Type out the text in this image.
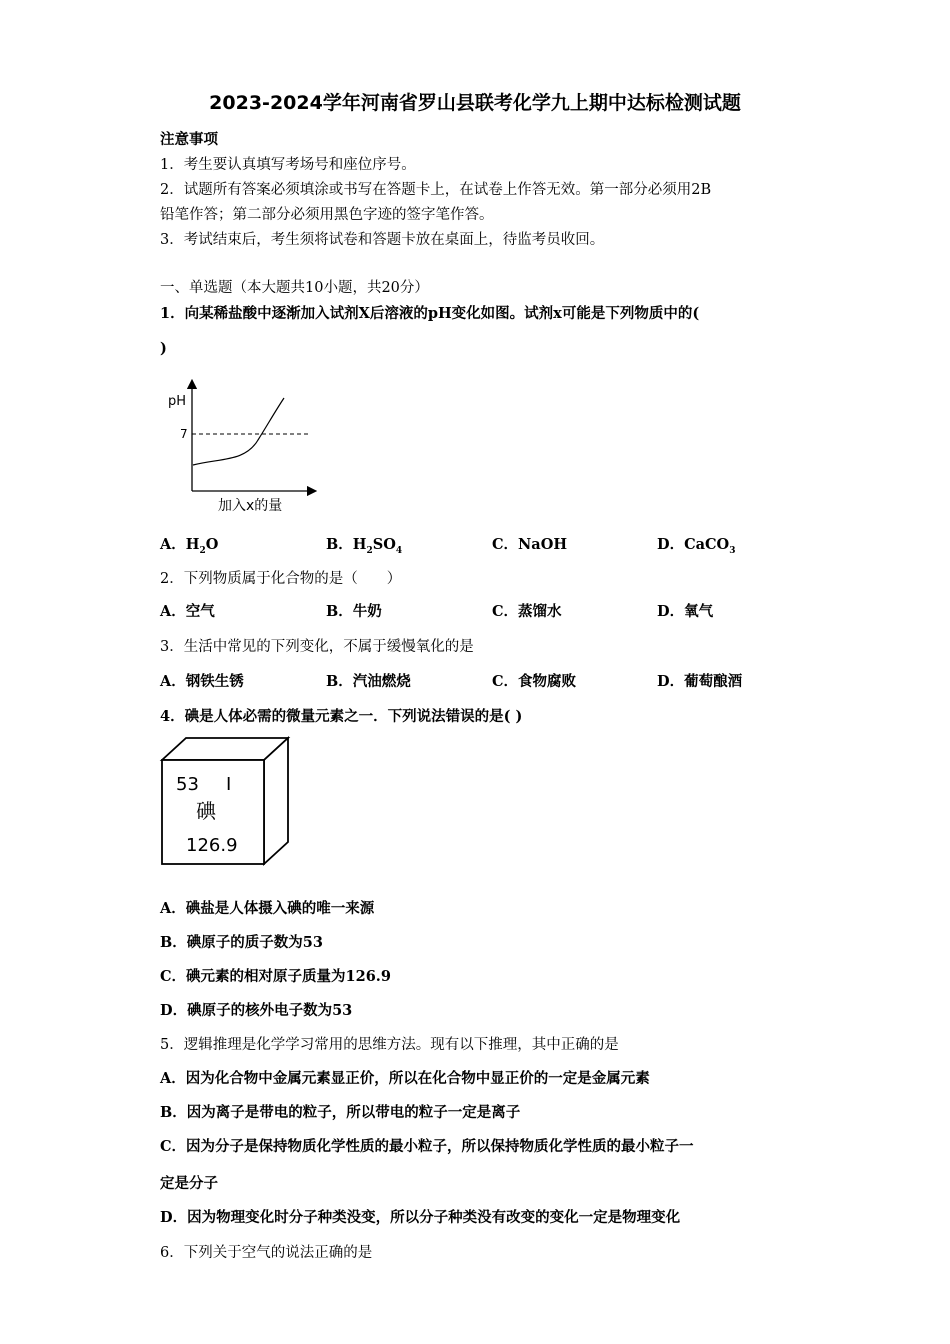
2023-2024学年河南省罗山县联考化学九上期中达标检测试题
注意事项
1．考生要认真填写考场号和座位序号。
2．试题所有答案必须填涂或书写在答题卡上，在试卷上作答无效。第一部分必须用2B
铅笔作答；第二部分必须用黑色字迹的签字笔作答。
3．考试结束后，考生须将试卷和答题卡放在桌面上，待监考员收回。
一、单选题（本大题共10小题，共20分）
1．向某稀盐酸中逐渐加入试剂X后溶液的pH变化如图。试剂x可能是下列物质中的(
)
pH
7
加入x的量
A．$H_2O$	B．$H_2SO_4$	C．NaOH	D．CaCO$_3$
2．下列物质属于化合物的是（　　）
A．空气	B．牛奶	C．蒸馏水	D．氧气
3．生活中常见的下列变化，不属于缓慢氧化的是
A．钢铁生锈	B．汽油燃烧	C．食物腐败	D．葡萄酿酒
4．碘是人体必需的微量元素之一．下列说法错误的是( )
53 I
碘
126.9
A．碘盐是人体摄入碘的唯一来源
B．碘原子的质子数为53
C．碘元素的相对原子质量为126.9
D．碘原子的核外电子数为53
5．逻辑推理是化学学习常用的思维方法。现有以下推理，其中正确的是
A．因为化合物中金属元素显正价，所以在化合物中显正价的一定是金属元素
B．因为离子是带电的粒子，所以带电的粒子一定是离子
C．因为分子是保持物质化学性质的最小粒子，所以保持物质化学性质的最小粒子一
定是分子
D．因为物理变化时分子种类没变，所以分子种类没有改变的变化一定是物理变化
6．下列关于空气的说法正确的是
